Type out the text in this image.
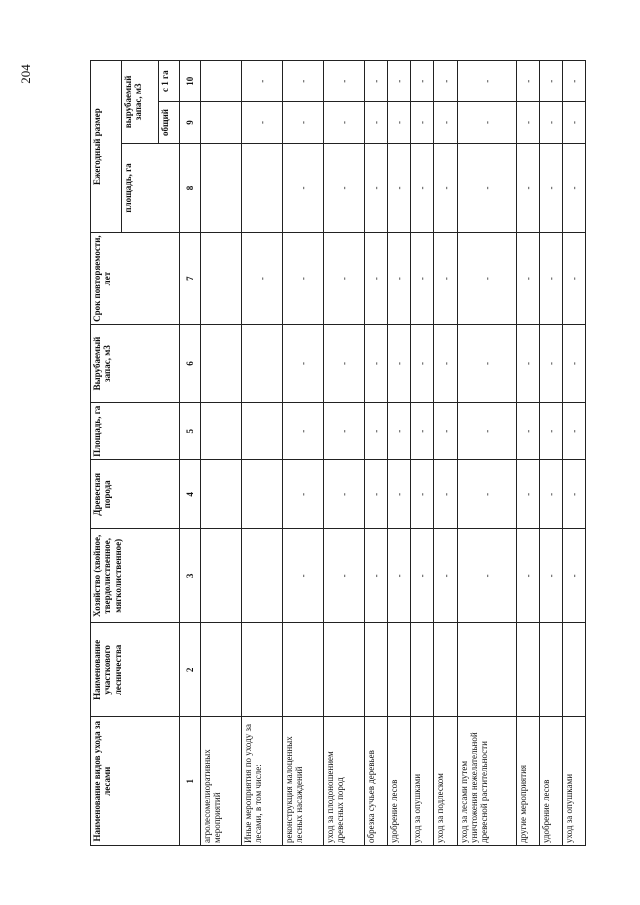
204
Наименование видов ухода за лесами	Наименование участкового лесничества	Хозяйство (хвойное, твердолиственное, мягколиственное)	Древесная порода	Площадь, га	Вырубаемый запас, м3	Срок повторяемости, лет	Ежегодный размер		
							площадь, га	вырубаемый запас, м3	
								общий	с 1 га
1	2	3	4	5	6	7	8	9	10
агролесомелиоративных мероприятий									
Иные мероприятия по уходу за лесами, в том числе:						-		-	-
реконструкция малоценных лесных насаждений		-	-	-	-	-	-	-	-
уход за плодоношением древесных пород		-	-	-	-	-	-	-	-
обрезка сучьев деревьев		-	-	-	-	-	-	-	-
удобрение лесов		-	-	-	-	-	-	-	-
уход за опушками		-	-	-	-	-	-	-	-
уход за подлеском		-	-	-	-	-	-	-	-
уход за лесами путем уничтожения нежелательной древесной растительности		-	-	-	-	-	-	-	-
другие мероприятия		-	-	-	-	-	-	-	-
удобрение лесов		-	-	-	-	-	-	-	-
уход за опушками		-	-	-	-	-	-	-	-
